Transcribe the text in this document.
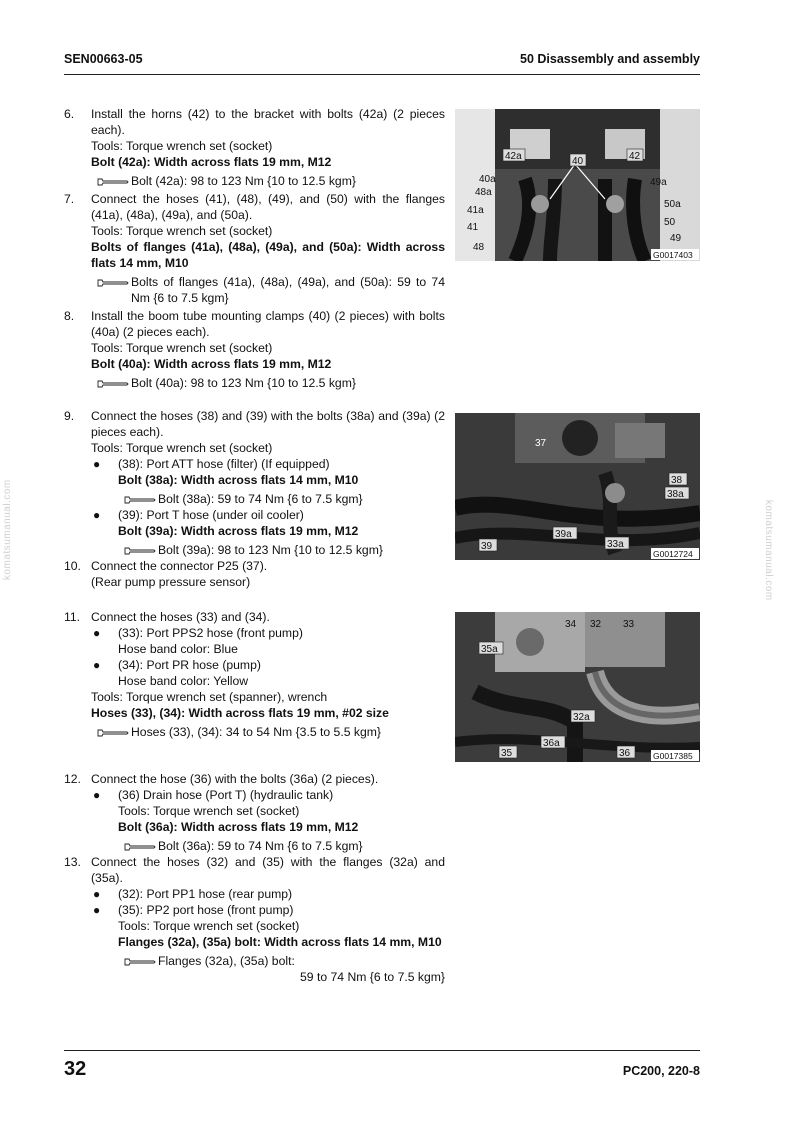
SEN00663-05	50 Disassembly and assembly
komatsumanual.com	komatsumanual.com
6. Install the horns (42) to the bracket with bolts (42a) (2 pieces each).
Tools: Torque wrench set (socket)
Bolt (42a): Width across flats 19 mm, M12
Bolt (42a): 98 to 123 Nm {10 to 12.5 kgm}
7. Connect the hoses (41), (48), (49), and (50) with the flanges (41a), (48a), (49a), and (50a).
Tools: Torque wrench set (socket)
Bolts of flanges (41a), (48a), (49a), and (50a): Width across flats 14 mm, M10
Bolts of flanges (41a), (48a), (49a), and (50a): 59 to 74 Nm {6 to 7.5 kgm}
8. Install the boom tube mounting clamps (40) (2 pieces) with bolts (40a) (2 pieces each).
Tools: Torque wrench set (socket)
Bolt (40a): Width across flats 19 mm, M12
Bolt (40a): 98 to 123 Nm {10 to 12.5 kgm}
9. Connect the hoses (38) and (39) with the bolts (38a) and (39a) (2 pieces each).
Tools: Torque wrench set (socket)
● (38): Port ATT hose (filter) (If equipped)
Bolt (38a): Width across flats 14 mm, M10
Bolt (38a): 59 to 74 Nm {6 to 7.5 kgm}
● (39): Port T hose (under oil cooler)
Bolt (39a): Width across flats 19 mm, M12
Bolt (39a): 98 to 123 Nm {10 to 12.5 kgm}
10. Connect the connector P25 (37).
(Rear pump pressure sensor)
11. Connect the hoses (33) and (34).
● (33): Port PPS2 hose (front pump)
Hose band color: Blue
● (34): Port PR hose (pump)
Hose band color: Yellow
Tools: Torque wrench set (spanner), wrench
Hoses (33), (34): Width across flats 19 mm, #02 size
Hoses (33), (34): 34 to 54 Nm {3.5 to 5.5 kgm}
12. Connect the hose (36) with the bolts (36a) (2 pieces).
● (36) Drain hose (Port T) (hydraulic tank)
Tools: Torque wrench set (socket)
Bolt (36a): Width across flats 19 mm, M12
Bolt (36a): 59 to 74 Nm {6 to 7.5 kgm}
13. Connect the hoses (32) and (35) with the flanges (32a) and (35a).
● (32): Port PP1 hose (rear pump)
● (35): PP2 port hose (front pump)
Tools: Torque wrench set (socket)
Flanges (32a), (35a) bolt: Width across flats 14 mm, M10
Flanges (32a), (35a) bolt:
59 to 74 Nm {6 to 7.5 kgm}
42a	42
40
40a
48a
41a
41
48
49a
50a
50
49
G0017403
37
38
38a
39a
39	33a
G0012724
34 32 33
35a
32a
36a
35	36	G0017385
32	PC200, 220-8
